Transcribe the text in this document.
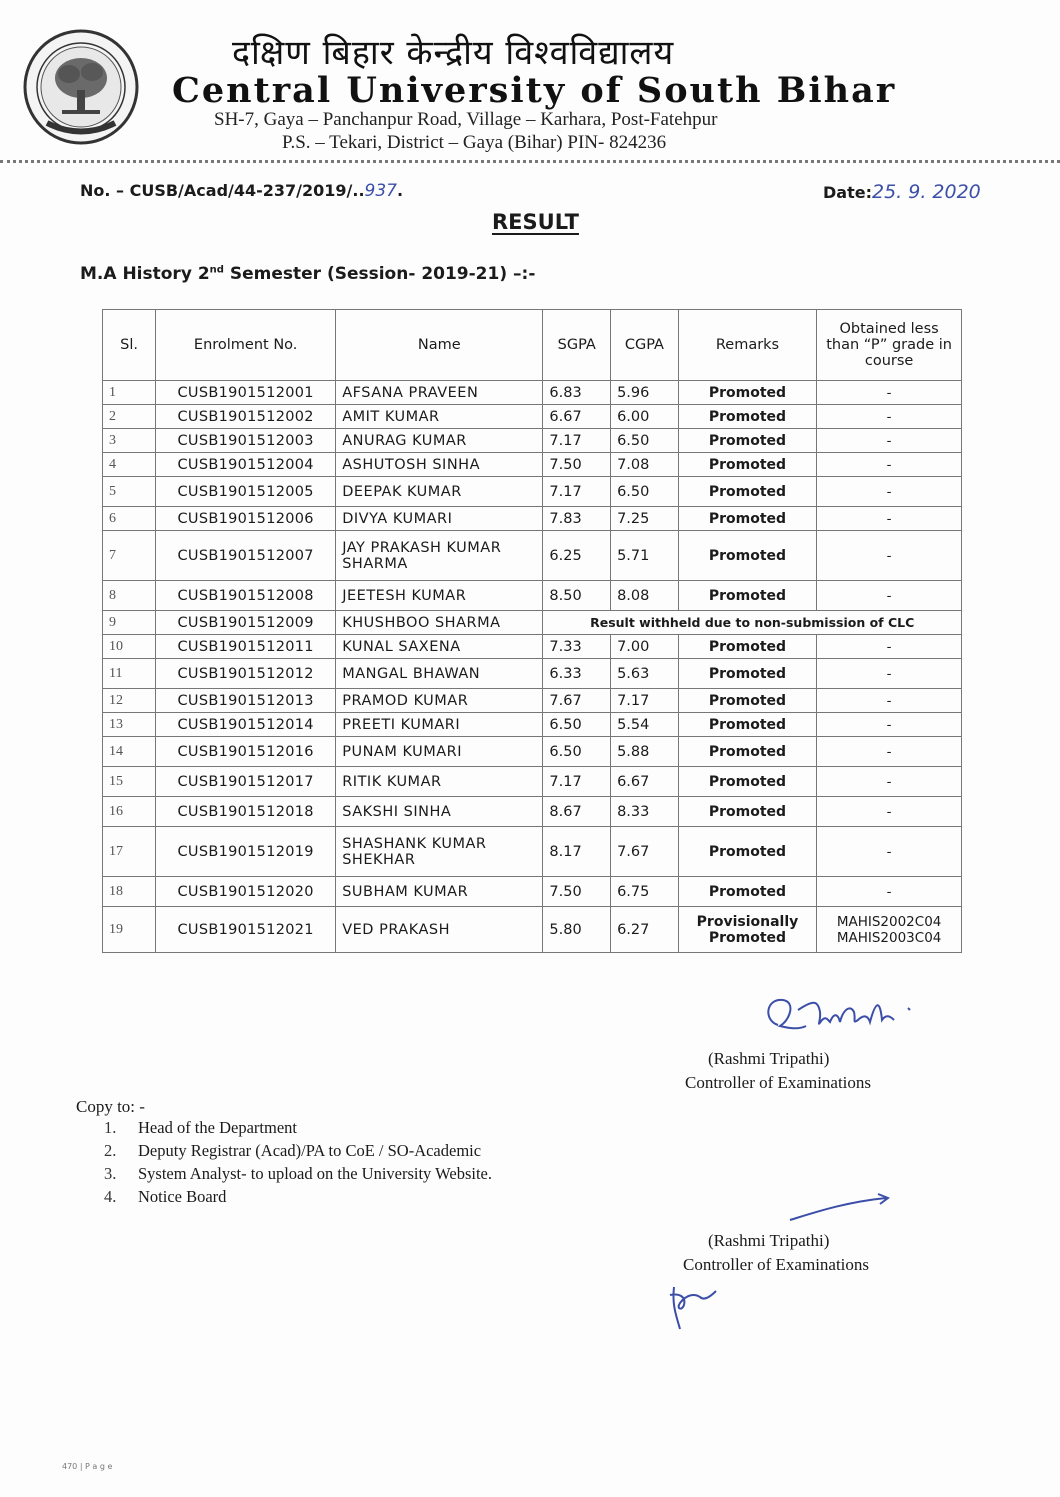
दक्षिण बिहार केन्द्रीय विश्वविद्यालय
Central University of South Bihar
SH-7, Gaya – Panchanpur Road, Village – Karhara, Post-Fatehpur
P.S. – Tekari, District – Gaya (Bihar) PIN- 824236
No. – CUSB/Acad/44-237/2019/..937.	Date:25. 9. 2020
RESULT
M.A History 2nd Semester (Session- 2019-21) –:-
Sl.	Enrolment No.	Name	SGPA	CGPA	Remarks	Obtained less than “P” grade in course
1	CUSB1901512001	AFSANA PRAVEEN	6.83	5.96	Promoted	-
2	CUSB1901512002	AMIT KUMAR	6.67	6.00	Promoted	-
3	CUSB1901512003	ANURAG KUMAR	7.17	6.50	Promoted	-
4	CUSB1901512004	ASHUTOSH SINHA	7.50	7.08	Promoted	-
5	CUSB1901512005	DEEPAK KUMAR	7.17	6.50	Promoted	-
6	CUSB1901512006	DIVYA KUMARI	7.83	7.25	Promoted	-
7	CUSB1901512007	JAY PRAKASH KUMAR SHARMA	6.25	5.71	Promoted	-
8	CUSB1901512008	JEETESH KUMAR	8.50	8.08	Promoted	-
9	CUSB1901512009	KHUSHBOO SHARMA	Result withheld due to non-submission of CLC			
10	CUSB1901512011	KUNAL SAXENA	7.33	7.00	Promoted	-
11	CUSB1901512012	MANGAL BHAWAN	6.33	5.63	Promoted	-
12	CUSB1901512013	PRAMOD KUMAR	7.67	7.17	Promoted	-
13	CUSB1901512014	PREETI KUMARI	6.50	5.54	Promoted	-
14	CUSB1901512016	PUNAM KUMARI	6.50	5.88	Promoted	-
15	CUSB1901512017	RITIK KUMAR	7.17	6.67	Promoted	-
16	CUSB1901512018	SAKSHI SINHA	8.67	8.33	Promoted	-
17	CUSB1901512019	SHASHANK KUMAR SHEKHAR	8.17	7.67	Promoted	-
18	CUSB1901512020	SUBHAM KUMAR	7.50	6.75	Promoted	-
19	CUSB1901512021	VED PRAKASH	5.80	6.27	Provisionally Promoted	MAHIS2002C04 MAHIS2003C04
(Rashmi Tripathi)
Controller of Examinations
Copy to: -
1. Head of the Department
2. Deputy Registrar (Acad)/PA to CoE / SO-Academic
3. System Analyst- to upload on the University Website.
4. Notice Board
(Rashmi Tripathi)
Controller of Examinations
470 | P a g e
